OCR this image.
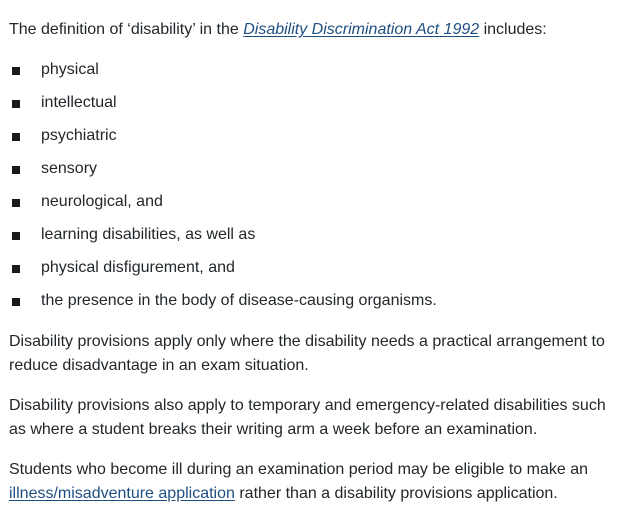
The definition of ‘disability’ in the Disability Discrimination Act 1992 includes:
physical
intellectual
psychiatric
sensory
neurological, and
learning disabilities, as well as
physical disfigurement, and
the presence in the body of disease-causing organisms.

Disability provisions apply only where the disability needs a practical arrangement to reduce disadvantage in an exam situation.

Disability provisions also apply to temporary and emergency-related disabilities such as where a student breaks their writing arm a week before an examination.

Students who become ill during an examination period may be eligible to make an illness/misadventure application rather than a disability provisions application.
